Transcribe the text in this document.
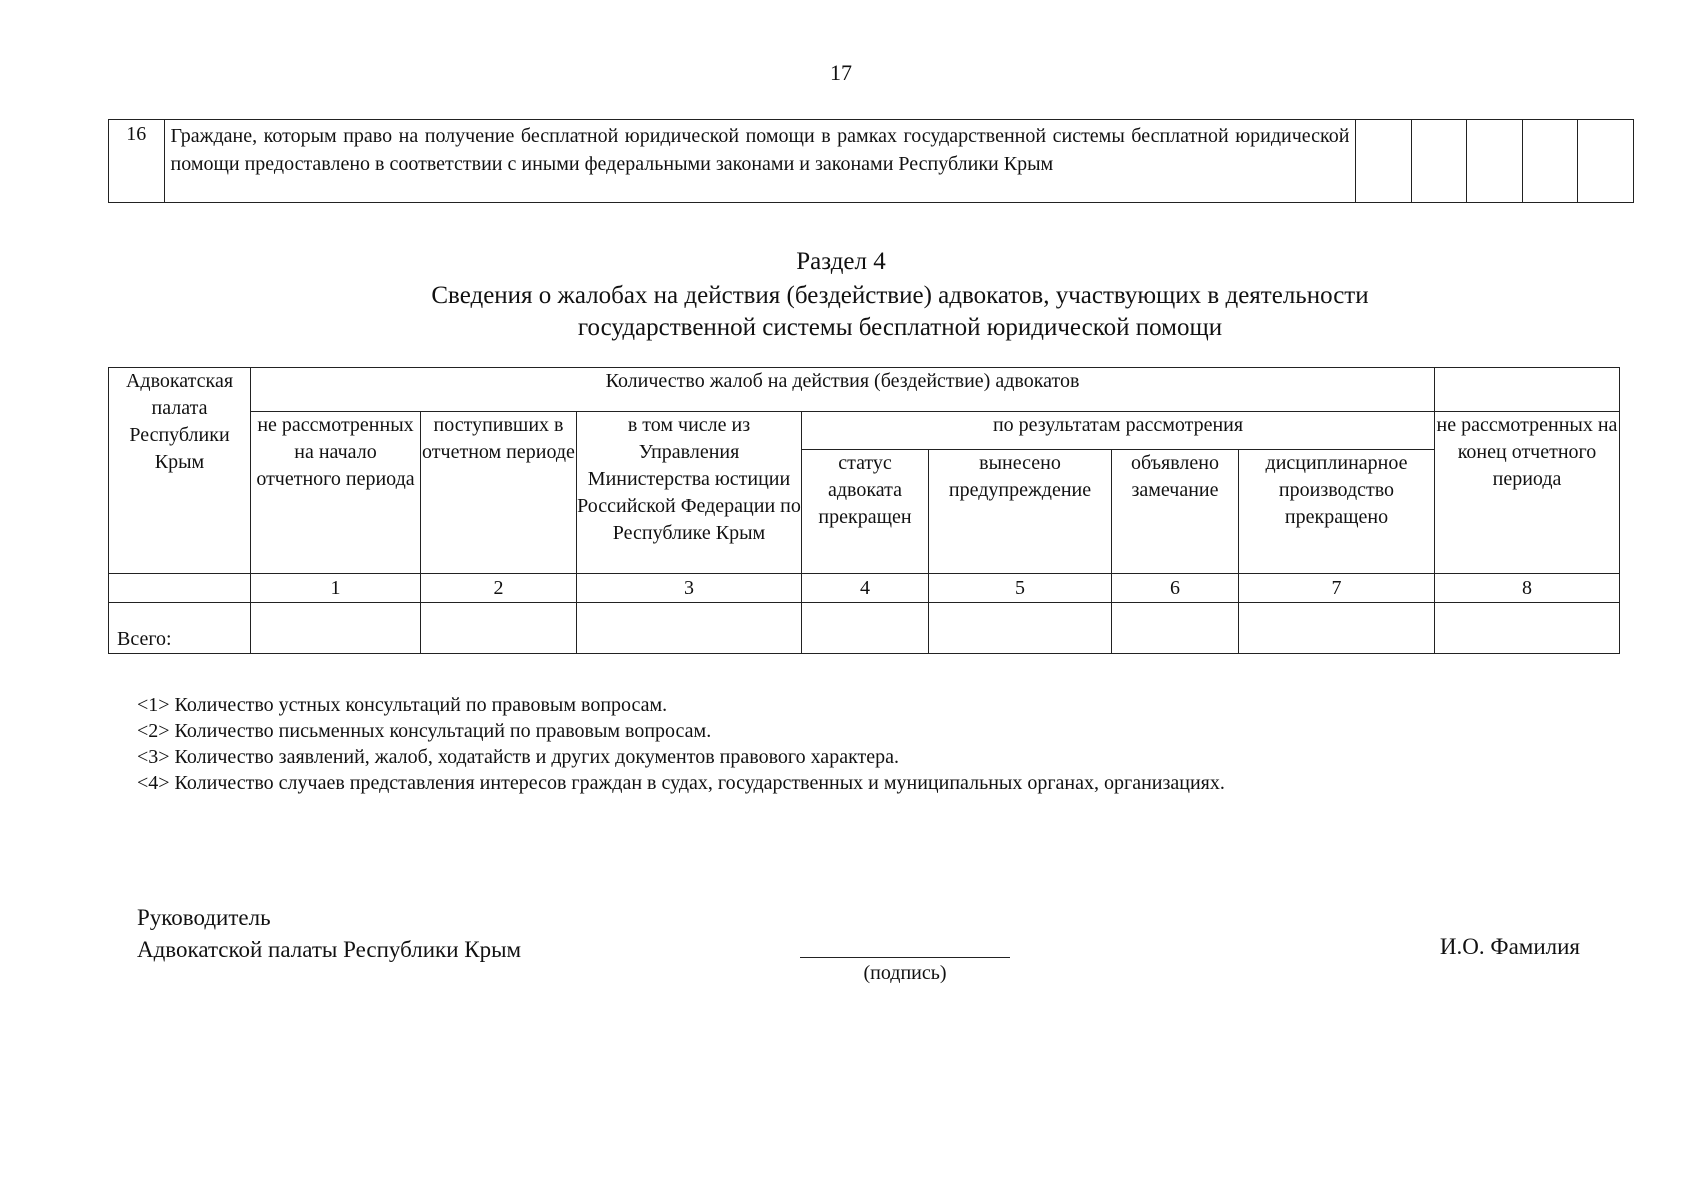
17
16	Граждане, которым право на получение бесплатной юридической помощи в рамках государственной системы бесплатной юридической помощи предоставлено в соответствии с иными федеральными законами и законами Республики Крым					
Раздел 4
Сведения о жалобах на действия (бездействие) адвокатов, участвующих в деятельности
государственной системы бесплатной юридической помощи
Адвокатская палата Республики Крым	Количество жалоб на действия (бездействие) адвокатов							
	не рассмотренных на начало отчетного периода	поступивших в отчетном периоде	в том числе из Управления Министерства юстиции Российской Федерации по Республике Крым	по результатам рассмотрения				не рассмотренных на конец отчетного периода
				статус адвоката прекращен	вынесено предупреждение	объявлено замечание	дисциплинарное производство прекращено	
	1	2	3	4	5	6	7	8
Всего:								
<1> Количество устных консультаций по правовым вопросам.
<2> Количество письменных консультаций по правовым вопросам.
<3> Количество заявлений, жалоб, ходатайств и других документов правового характера.
<4> Количество случаев представления интересов граждан в судах, государственных и муниципальных органах, организациях.
Руководитель
Адвокатской палаты Республики Крым
(подпись)
И.О. Фамилия
